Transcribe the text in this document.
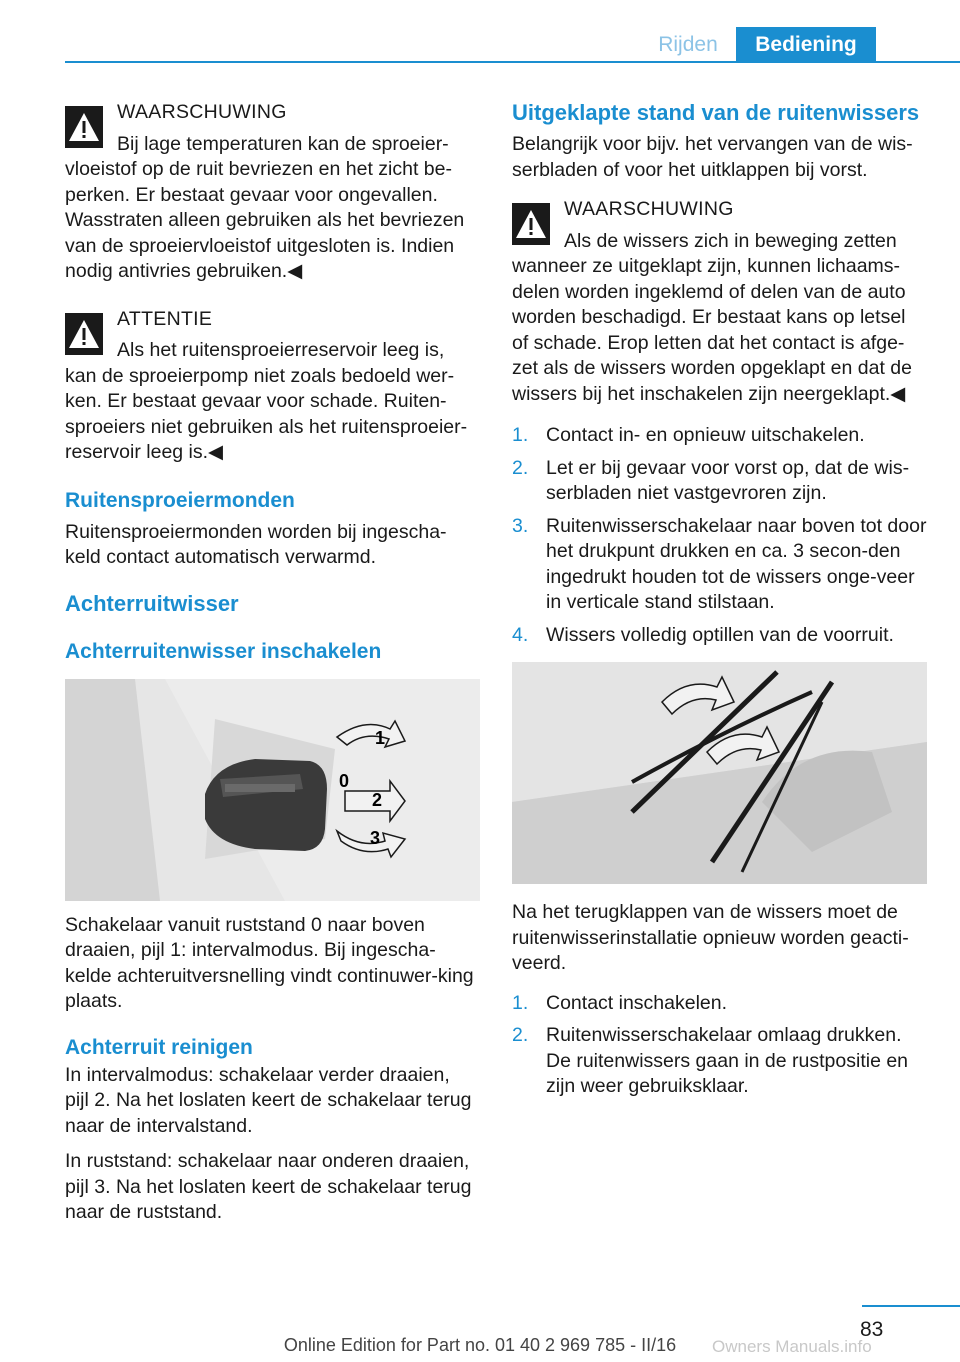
Rijden	Bediening
WAARSCHUWING
Bij lage temperaturen kan de sproeier‐
vloeistof op de ruit bevriezen en het zicht be‐perken. Er bestaat gevaar voor ongevallen. Wasstraten alleen gebruiken als het bevriezen van de sproeiervloeistof uitgesloten is. Indien nodig antivries gebruiken.◀
ATTENTIE
Als het ruitensproeierreservoir leeg is,
kan de sproeierpomp niet zoals bedoeld wer‐ken. Er bestaat gevaar voor schade. Ruiten‐sproeiers niet gebruiken als het ruitensproeier‐reservoir leeg is.◀
Ruitensproeiermonden

Ruitensproeiermonden worden bij ingescha‐keld contact automatisch verwarmd.

Achterruitwisser
Achterruitenwisser inschakelen
1
0
2
3

Schakelaar vanuit ruststand 0 naar boven draaien, pijl 1: intervalmodus. Bij ingescha‐kelde achteruitversnelling vindt continuwer‐king plaats.

Achterruit reinigen

In intervalmodus: schakelaar verder draaien, pijl 2. Na het loslaten keert de schakelaar terug naar de intervalstand.

In ruststand: schakelaar naar onderen draaien, pijl 3. Na het loslaten keert de schakelaar terug naar de ruststand.

Uitgeklapte stand van de ruitenwissers

Belangrijk voor bijv. het vervangen van de wis‐serbladen of voor het uitklappen bij vorst.

WAARSCHUWING
Als de wissers zich in beweging zetten
wanneer ze uitgeklapt zijn, kunnen lichaams‐delen worden ingeklemd of delen van de auto worden beschadigd. Er bestaat kans op letsel of schade. Erop letten dat het contact is afge‐zet als de wissers worden opgeklapt en dat de wissers bij het inschakelen zijn neergeklapt.◀
1. Contact in- en opnieuw uitschakelen.
2. Let er bij gevaar voor vorst op, dat de wis‐serbladen niet vastgevroren zijn.
3. Ruitenwisserschakelaar naar boven tot door het drukpunt drukken en ca. 3 secon‐den ingedrukt houden tot de wissers onge‐veer in verticale stand stilstaan.
4. Wissers volledig optillen van de voorruit.

Na het terugklappen van de wissers moet de ruitenwisserinstallatie opnieuw worden geacti‐veerd.

1. Contact inschakelen.
2. Ruitenwisserschakelaar omlaag drukken. De ruitenwissers gaan in de rustpositie en zijn weer gebruiksklaar.
83
Online Edition for Part no. 01 40 2 969 785 - II/16	Owners Manuals.info
